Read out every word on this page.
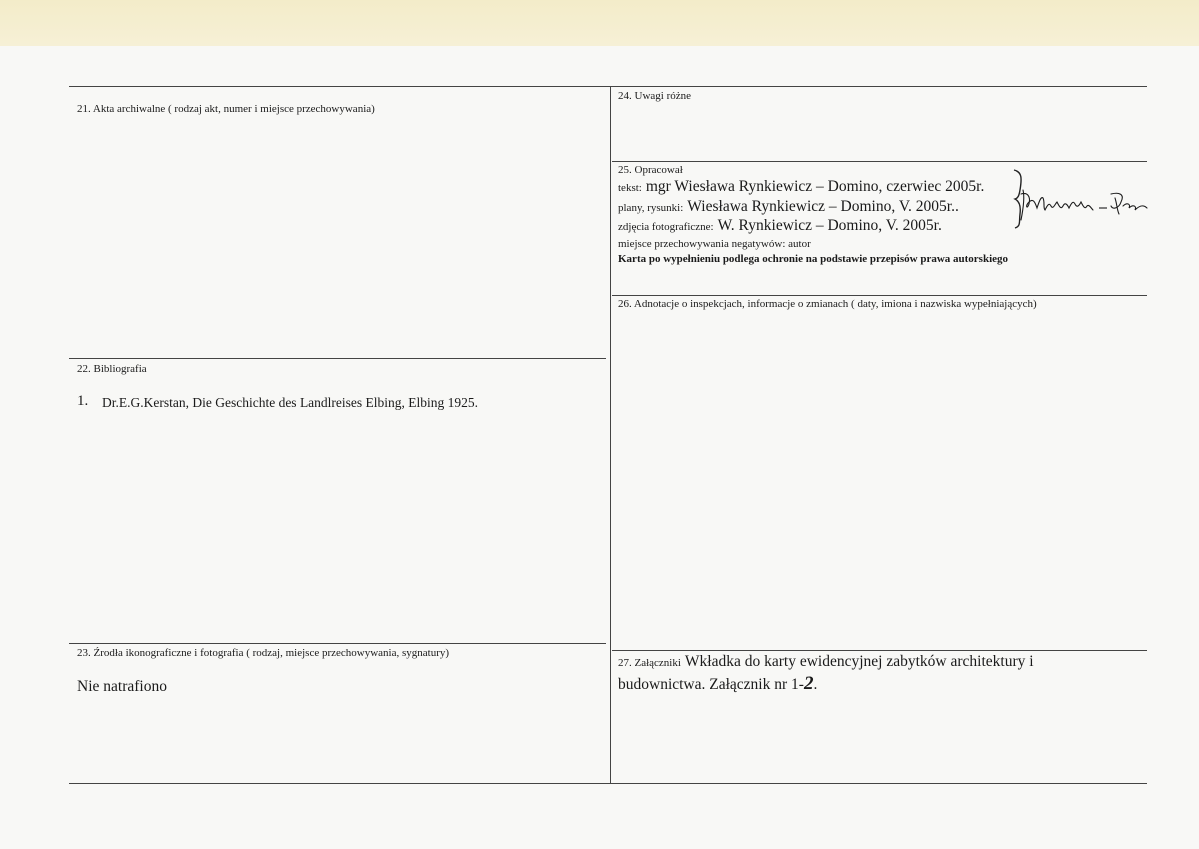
21. Akta archiwalne ( rodzaj akt, numer i miejsce przechowywania)
22. Bibliografia
1. Dr.E.G.Kerstan, Die Geschichte des Landlreises Elbing, Elbing 1925.
23. Źrodła ikonograficzne i fotografia ( rodzaj, miejsce przechowywania, sygnatury)
Nie natrafiono
24. Uwagi różne
25. Opracował
tekst: mgr Wiesława Rynkiewicz – Domino, czerwiec 2005r.
plany, rysunki: Wiesława Rynkiewicz – Domino, V. 2005r..
zdjęcia fotograficzne: W. Rynkiewicz – Domino, V. 2005r.
miejsce przechowywania negatywów: autor
Karta po wypełnieniu podlega ochronie na podstawie przepisów prawa autorskiego
26. Adnotacje o inspekcjach, informacje o zmianach ( daty, imiona i nazwiska wypełniających)
27. Załączniki Wkładka do karty ewidencyjnej zabytków architektury i
budownictwa. Załącznik nr 1-2.
